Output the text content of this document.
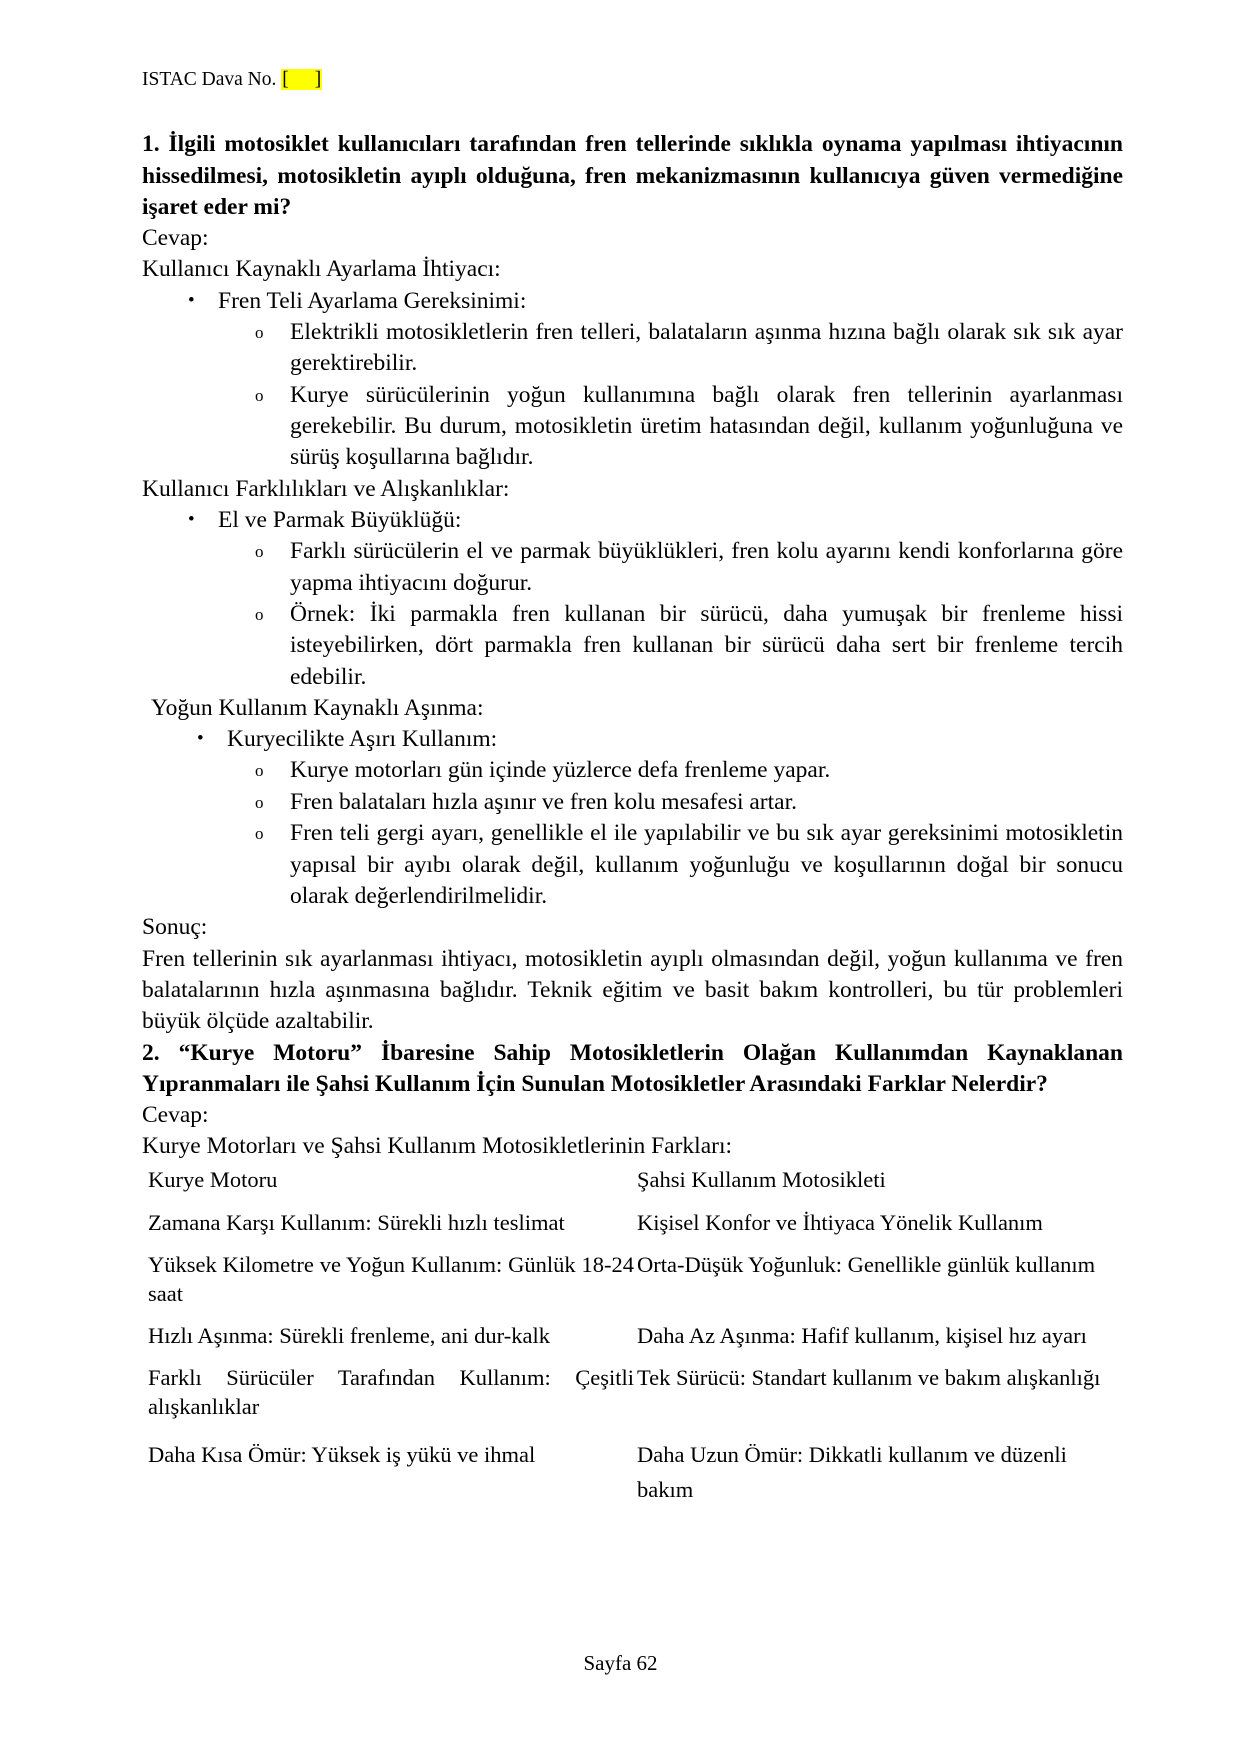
ISTAC Dava No. [ ]

1. İlgili motosiklet kullanıcıları tarafından fren tellerinde sıklıkla oynama yapılması ihtiyacının hissedilmesi, motosikletin ayıplı olduğuna, fren mekanizmasının kullanıcıya güven vermediğine işaret eder mi?

Cevap:

Kullanıcı Kaynaklı Ayarlama İhtiyacı:

• Fren Teli Ayarlama Gereksinimi:

o Elektrikli motosikletlerin fren telleri, balataların aşınma hızına bağlı olarak sık sık ayar gerektirebilir.

o Kurye sürücülerinin yoğun kullanımına bağlı olarak fren tellerinin ayarlanması gerekebilir. Bu durum, motosikletin üretim hatasından değil, kullanım yoğunluğuna ve sürüş koşullarına bağlıdır.

Kullanıcı Farklılıkları ve Alışkanlıklar:

• El ve Parmak Büyüklüğü:

o Farklı sürücülerin el ve parmak büyüklükleri, fren kolu ayarını kendi konforlarına göre yapma ihtiyacını doğurur.

o Örnek: İki parmakla fren kullanan bir sürücü, daha yumuşak bir frenleme hissi isteyebilirken, dört parmakla fren kullanan bir sürücü daha sert bir frenleme tercih edebilir.

Yoğun Kullanım Kaynaklı Aşınma:

• Kuryecilikte Aşırı Kullanım:

o Kurye motorları gün içinde yüzlerce defa frenleme yapar.

o Fren balataları hızla aşınır ve fren kolu mesafesi artar.

o Fren teli gergi ayarı, genellikle el ile yapılabilir ve bu sık ayar gereksinimi motosikletin yapısal bir ayıbı olarak değil, kullanım yoğunluğu ve koşullarının doğal bir sonucu olarak değerlendirilmelidir.

Sonuç:

Fren tellerinin sık ayarlanması ihtiyacı, motosikletin ayıplı olmasından değil, yoğun kullanıma ve fren balatalarının hızla aşınmasına bağlıdır. Teknik eğitim ve basit bakım kontrolleri, bu tür problemleri büyük ölçüde azaltabilir.

2. “Kurye Motoru” İbaresine Sahip Motosikletlerin Olağan Kullanımdan Kaynaklanan Yıpranmaları ile Şahsi Kullanım İçin Sunulan Motosikletler Arasındaki Farklar Nelerdir?

Cevap:

Kurye Motorları ve Şahsi Kullanım Motosikletlerinin Farkları:

Kurye Motoru	Şahsi Kullanım Motosikleti
Zamana Karşı Kullanım: Sürekli hızlı teslimat	Kişisel Konfor ve İhtiyaca Yönelik Kullanım
Yüksek Kilometre ve Yoğun Kullanım: Günlük 18-24 saat	Orta-Düşük Yoğunluk: Genellikle günlük kullanım
Hızlı Aşınma: Sürekli frenleme, ani dur-kalk	Daha Az Aşınma: Hafif kullanım, kişisel hız ayarı
Farklı Sürücüler Tarafından Kullanım: Çeşitli alışkanlıklar	Tek Sürücü: Standart kullanım ve bakım alışkanlığı
Daha Kısa Ömür: Yüksek iş yükü ve ihmal	Daha Uzun Ömür: Dikkatli kullanım ve düzenli bakım
Sayfa 62
